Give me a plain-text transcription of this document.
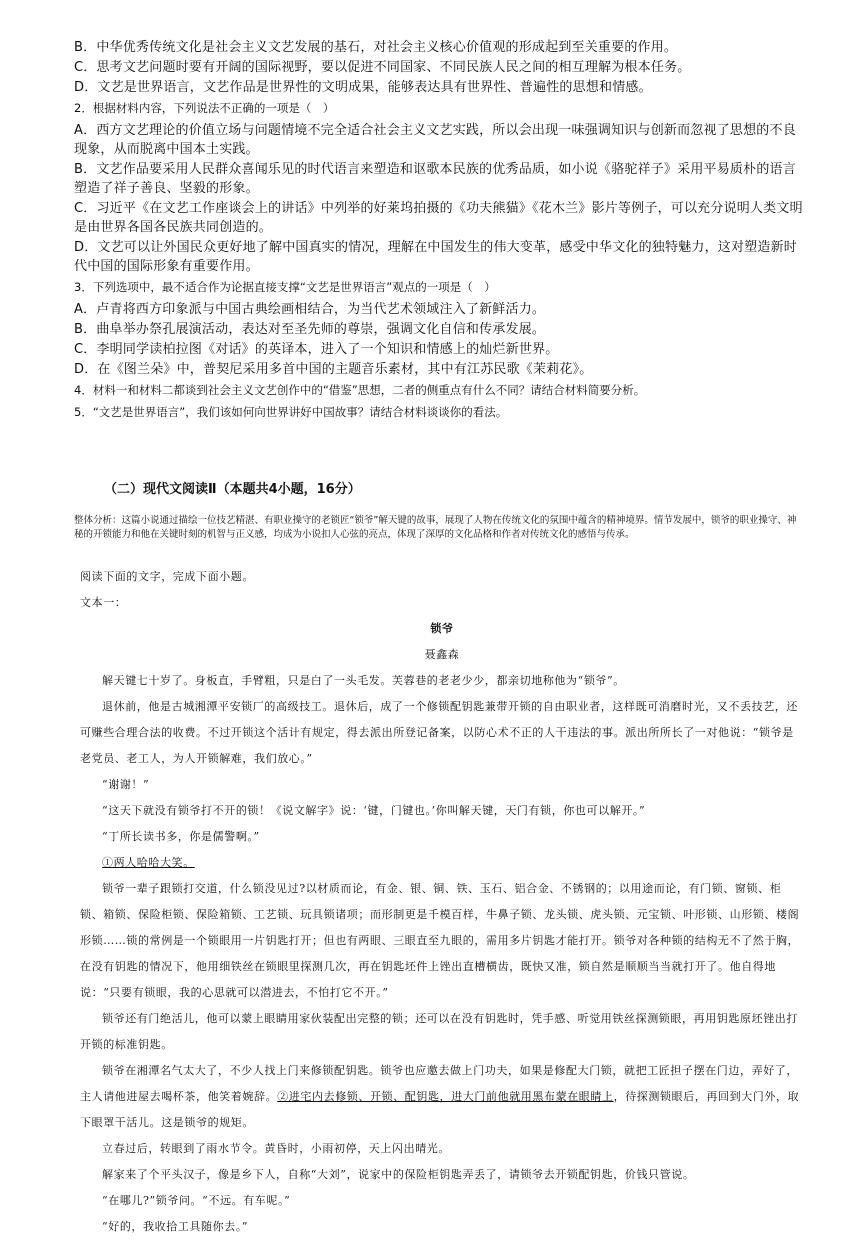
B．中华优秀传统文化是社会主义文艺发展的基石，对社会主义核心价值观的形成起到至关重要的作用。

C．思考文艺问题时要有开阔的国际视野，要以促进不同国家、不同民族人民之间的相互理解为根本任务。

D．文艺是世界语言，文艺作品是世界性的文明成果，能够表达具有世界性、普遍性的思想和情感。

2．根据材料内容，下列说法不正确的一项是（　）

A．西方文艺理论的价值立场与问题情境不完全适合社会主义文艺实践，所以会出现一味强调知识与创新而忽视了思想的不良现象，从而脱离中国本土实践。

B．文艺作品要采用人民群众喜闻乐见的时代语言来塑造和讴歌本民族的优秀品质，如小说《骆驼祥子》采用平易质朴的语言塑造了祥子善良、坚毅的形象。

C．习近平《在文艺工作座谈会上的讲话》中列举的好莱坞拍摄的《功夫熊猫》《花木兰》影片等例子，可以充分说明人类文明是由世界各国各民族共同创造的。

D．文艺可以让外国民众更好地了解中国真实的情况，理解在中国发生的伟大变革，感受中华文化的独特魅力，这对塑造新时代中国的国际形象有重要作用。

3．下列选项中，最不适合作为论据直接支撑“文艺是世界语言”观点的一项是（　）

A．卢青将西方印象派与中国古典绘画相结合，为当代艺术领域注入了新鲜活力。

B．曲阜举办祭孔展演活动，表达对至圣先师的尊崇，强调文化自信和传承发展。

C．李明同学读柏拉图《对话》的英译本，进入了一个知识和情感上的灿烂新世界。

D．在《图兰朵》中，普契尼采用多首中国的主题音乐素材，其中有江苏民歌《茉莉花》。

4．材料一和材料二都谈到社会主义文艺创作中的“借鉴”思想，二者的侧重点有什么不同？请结合材料简要分析。

5．“文艺是世界语言”，我们该如何向世界讲好中国故事？请结合材料谈谈你的看法。

（二）现代文阅读Ⅱ（本题共4小题，16分）
整体分析：这篇小说通过描绘一位技艺精湛、有职业操守的老锁匠“锁爷”解天键的故事，展现了人物在传统文化的氛围中蕴含的精神境界。情节发展中，锁爷的职业操守、神秘的开锁能力和他在关键时刻的机智与正义感，均成为小说扣人心弦的亮点，体现了深厚的文化品格和作者对传统文化的感悟与传承。

阅读下面的文字，完成下面小题。

文本一：

锁爷

聂鑫森

解天键七十岁了。身板直，手臂粗，只是白了一头毛发。芙蓉巷的老老少少，都亲切地称他为“锁爷”。

退休前，他是古城湘潭平安锁厂的高级技工。退休后，成了一个修锁配钥匙兼带开锁的自由职业者，这样既可消磨时光，又不丢技艺，还可赚些合理合法的收费。不过开锁这个活计有规定，得去派出所登记备案，以防心术不正的人干违法的事。派出所所长了一对他说：“锁爷是老党员、老工人，为人开锁解难，我们放心。”

“谢谢！”

“这天下就没有锁爷打不开的锁！《说文解字》说：‘键，门键也。’你叫解天键，天门有锁，你也可以解开。”

“丁所长读书多，你是儒警啊。”

①两人哈哈大笑。

锁爷一辈子跟锁打交道，什么锁没见过?以材质而论，有金、银、铜、铁、玉石、铝合金、不锈钢的；以用途而论，有门锁、窗锁、柜锁、箱锁、保险柜锁、保险箱锁、工艺锁、玩具锁诸项；而形制更是千模百样，牛鼻子锁、龙头锁、虎头锁、元宝锁、叶形锁、山形锁、楼阁形锁……锁的常例是一个锁眼用一片钥匙打开；但也有两眼、三眼直至九眼的，需用多片钥匙才能打开。锁爷对各种锁的结构无不了然于胸，在没有钥匙的情况下，他用细铁丝在锁眼里探测几次，再在钥匙坯件上锉出直槽横齿，既快又准，锁自然是顺顺当当就打开了。他自得地说：“只要有锁眼，我的心思就可以潜进去，不怕打它不开。”

锁爷还有门绝活儿，他可以蒙上眼睛用家伙装配出完整的锁；还可以在没有钥匙时，凭手感、听觉用铁丝探测锁眼，再用钥匙原坯锉出打开锁的标准钥匙。

锁爷在湘潭名气太大了，不少人找上门来修锁配钥匙。锁爷也应邀去做上门功夫，如果是修配大门锁，就把工匠担子摆在门边，弄好了，主人请他进屋去喝杯茶，他笑着婉辞。②进宅内去修锁、开锁、配钥匙，进大门前他就用黑布蒙在眼睛上，待探测锁眼后，再回到大门外，取下眼罩干活儿。这是锁爷的规矩。

立春过后，转眼到了雨水节令。黄昏时，小雨初停，天上闪出晴光。

解家来了个平头汉子，像是乡下人，自称“大刘”，说家中的保险柜钥匙弄丢了，请锁爷去开锁配钥匙，价钱只管说。

“在哪儿?”锁爷问。“不远。有车呢。”

“好的，我收拾工具随你去。”
